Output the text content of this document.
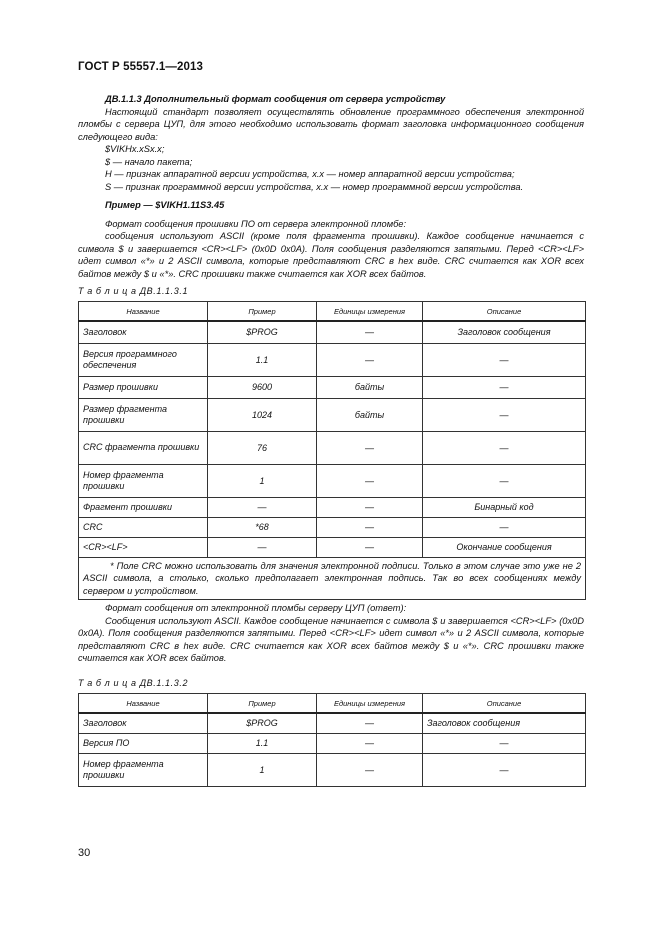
ГОСТ Р 55557.1—2013

ДВ.1.1.3 Дополнительный формат сообщения от сервера устройству

Настоящий стандарт позволяет осуществлять обновление программного обеспечения электронной пломбы с сервера ЦУП, для этого необходимо использовать формат заголовка информационного сообщения следующего вида:

$VIKHx.xSx.x;

$ — начало пакета;

H — признак аппаратной версии устройства, x.x — номер аппаратной версии устройства;

S — признак программной версии устройства, x.x — номер программной версии устройства.

Пример — $VIKH1.11S3.45

Формат сообщения прошивки ПО от сервера электронной пломбе:

сообщения используют ASCII (кроме поля фрагмента прошивки). Каждое сообщение начинается с символа $ и завершается <CR><LF> (0x0D 0x0A). Поля сообщения разделяются запятыми. Перед <CR><LF> идет символ «*» и 2 ASCII символа, которые представляют CRC в hex виде. CRC считается как XOR всех байтов между $ и «*». CRC прошивки также считается как XOR всех байтов.

Т а б л и ц а ДВ.1.1.3.1
Название	Пример	Единицы измерения	Описание
Заголовок	$PROG	—	Заголовок сообщения
Версия программного обеспечения	1.1	—	—
Размер прошивки	9600	байты	—
Размер фрагмента прошивки	1024	байты	—
CRC фрагмента прошивки	76	—	—
Номер фрагмента прошивки	1	—	—
Фрагмент прошивки	—	—	Бинарный код
CRC	*68	—	—
<CR><LF>	—	—	Окончание сообщения

* Поле CRC можно использовать для значения электронной подписи. Только в этом случае это уже не 2 ASCII символа, а столько, сколько предполагает электронная подпись. Так во всех сообщениях между сервером и устройством.			

Формат сообщения от электронной пломбы серверу ЦУП (ответ):

Сообщения используют ASCII. Каждое сообщение начинается с символа $ и завершается <CR><LF> (0x0D 0x0A). Поля сообщения разделяются запятыми. Перед <CR><LF> идет символ «*» и 2 ASCII символа, которые представляют CRC в hex виде. CRC считается как XOR всех байтов между $ и «*». CRC прошивки также считается как XOR всех байтов.

Т а б л и ц а ДВ.1.1.3.2
Название	Пример	Единицы измерения	Описание
Заголовок	$PROG	—	Заголовок сообщения
Версия ПО	1.1	—	—
Номер фрагмента прошивки	1	—	—
30
